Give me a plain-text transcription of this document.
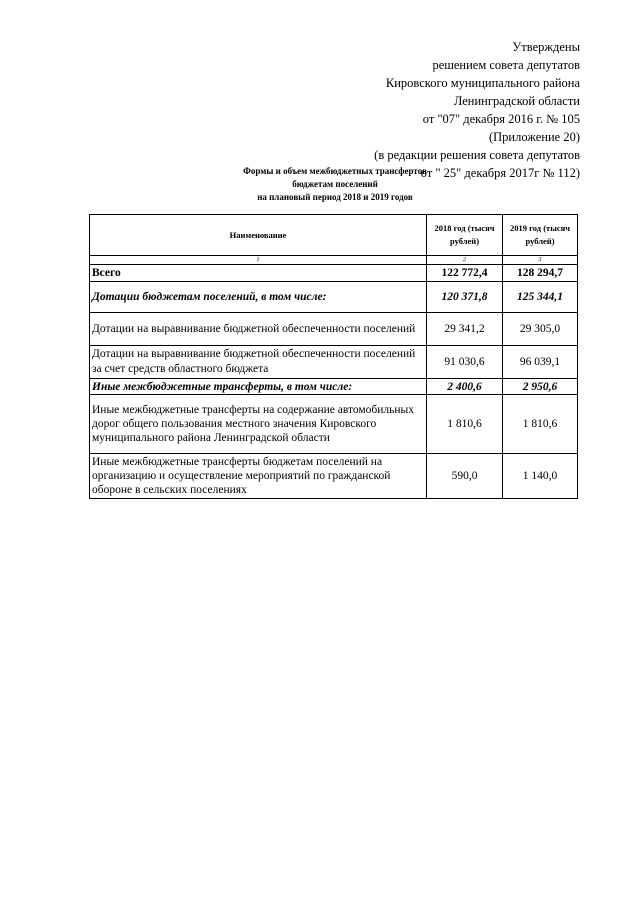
Утверждены
решением совета депутатов
Кировского муниципального района
Ленинградской области
от "07" декабря 2016 г. № 105
(Приложение 20)
(в редакции решения совета депутатов
от " 25" декабря 2017г № 112)
Формы и объем межбюджетных трансфертов
бюджетам поселений
на плановый период 2018 и 2019 годов
Наименование	2018 год (тысяч рублей)	2019 год (тысяч рублей)
1	2	3
Всего	122 772,4	128 294,7
Дотации бюджетам поселений, в том числе:	120 371,8	125 344,1
Дотации на выравнивание бюджетной обеспеченности поселений	29 341,2	29 305,0
Дотации на выравнивание бюджетной обеспеченности поселений за счет средств областного бюджета	91 030,6	96 039,1
Иные межбюджетные трансферты, в том числе:	2 400,6	2 950,6
Иные межбюджетные трансферты на содержание автомобильных дорог общего пользования местного значения Кировского муниципального района Ленинградской области	1 810,6	1 810,6
Иные межбюджетные трансферты бюджетам поселений на организацию и осуществление мероприятий по гражданской обороне в сельских поселениях	590,0	1 140,0
